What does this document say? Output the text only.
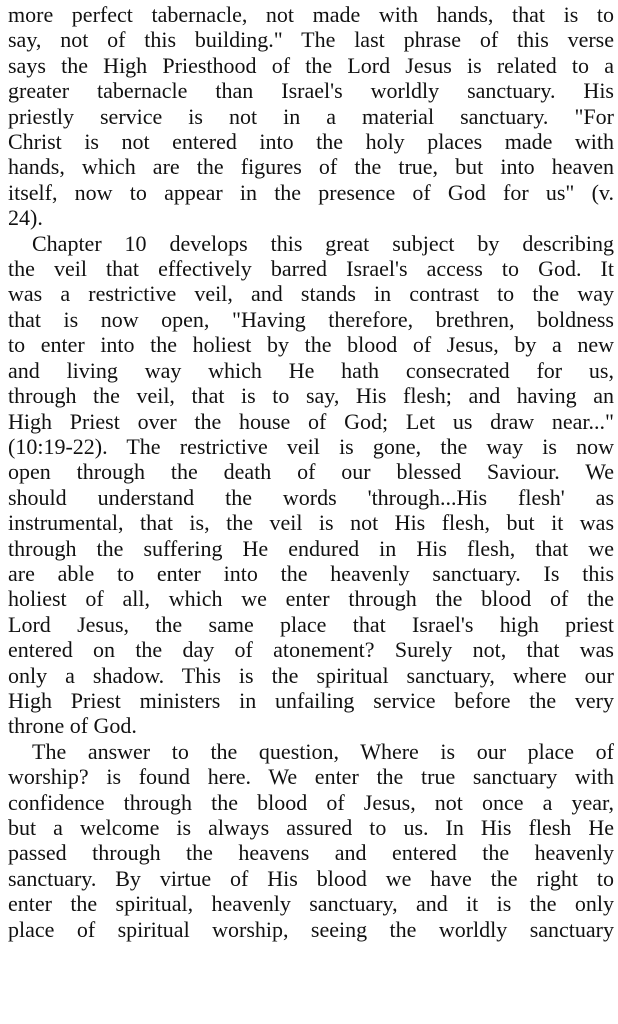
more perfect tabernacle, not made with hands, that is to
say, not of this building." The last phrase of this verse
says the High Priesthood of the Lord Jesus is related to a
greater tabernacle than Israel's worldly sanctuary. His
priestly service is not in a material sanctuary. "For
Christ is not entered into the holy places made with
hands, which are the figures of the true, but into heaven
itself, now to appear in the presence of God for us" (v.
24).

Chapter 10 develops this great subject by describing
the veil that effectively barred Israel's access to God. It
was a restrictive veil, and stands in contrast to the way
that is now open, "Having therefore, brethren, boldness
to enter into the holiest by the blood of Jesus, by a new
and living way which He hath consecrated for us,
through the veil, that is to say, His flesh; and having an
High Priest over the house of God; Let us draw near..."
(10:19-22). The restrictive veil is gone, the way is now
open through the death of our blessed Saviour. We
should understand the words 'through...His flesh' as
instrumental, that is, the veil is not His flesh, but it was
through the suffering He endured in His flesh, that we
are able to enter into the heavenly sanctuary. Is this
holiest of all, which we enter through the blood of the
Lord Jesus, the same place that Israel's high priest
entered on the day of atonement? Surely not, that was
only a shadow. This is the spiritual sanctuary, where our
High Priest ministers in unfailing service before the very
throne of God.

The answer to the question, Where is our place of
worship? is found here. We enter the true sanctuary with
confidence through the blood of Jesus, not once a year,
but a welcome is always assured to us. In His flesh He
passed through the heavens and entered the heavenly
sanctuary. By virtue of His blood we have the right to
enter the spiritual, heavenly sanctuary, and it is the only
place of spiritual worship, seeing the worldly sanctuary
